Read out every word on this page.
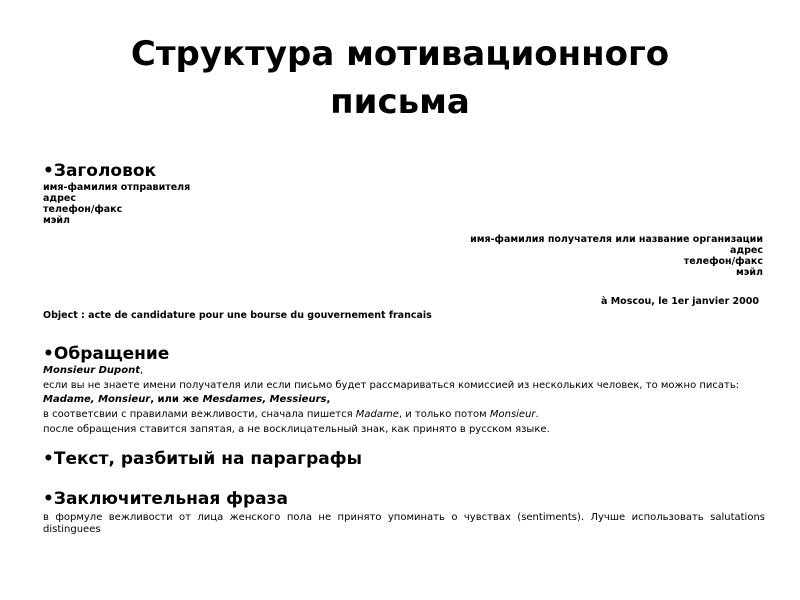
Структура мотивационного
письма
•Заголовок
имя-фамилия отправителя
адрес
телефон/факс
мэйл
имя-фамилия получателя или название организации
адрес
телефон/факс
мэйл
à Moscou, le 1er janvier 2000
Object : acte de candidature pour une bourse du gouvernement francais
•Обращение
Monsieur Dupont,
если вы не знаете имени получателя или если письмо будет рассмариваться комиссией из нескольких человек, то можно писать:
Madame, Monsieur, или же Mesdames, Messieurs,
в соответсвии с правилами вежливости, сначала пишется Madame, и только потом Monsieur.
после обращения ставится запятая, а не восклицательный знак, как принято в русском языке.
•Текст, разбитый на параграфы
•Заключительная фраза
в формуле вежливости от лица женского пола не принято упоминать о чувствах (sentiments). Лучше использовать salutations distinguees
